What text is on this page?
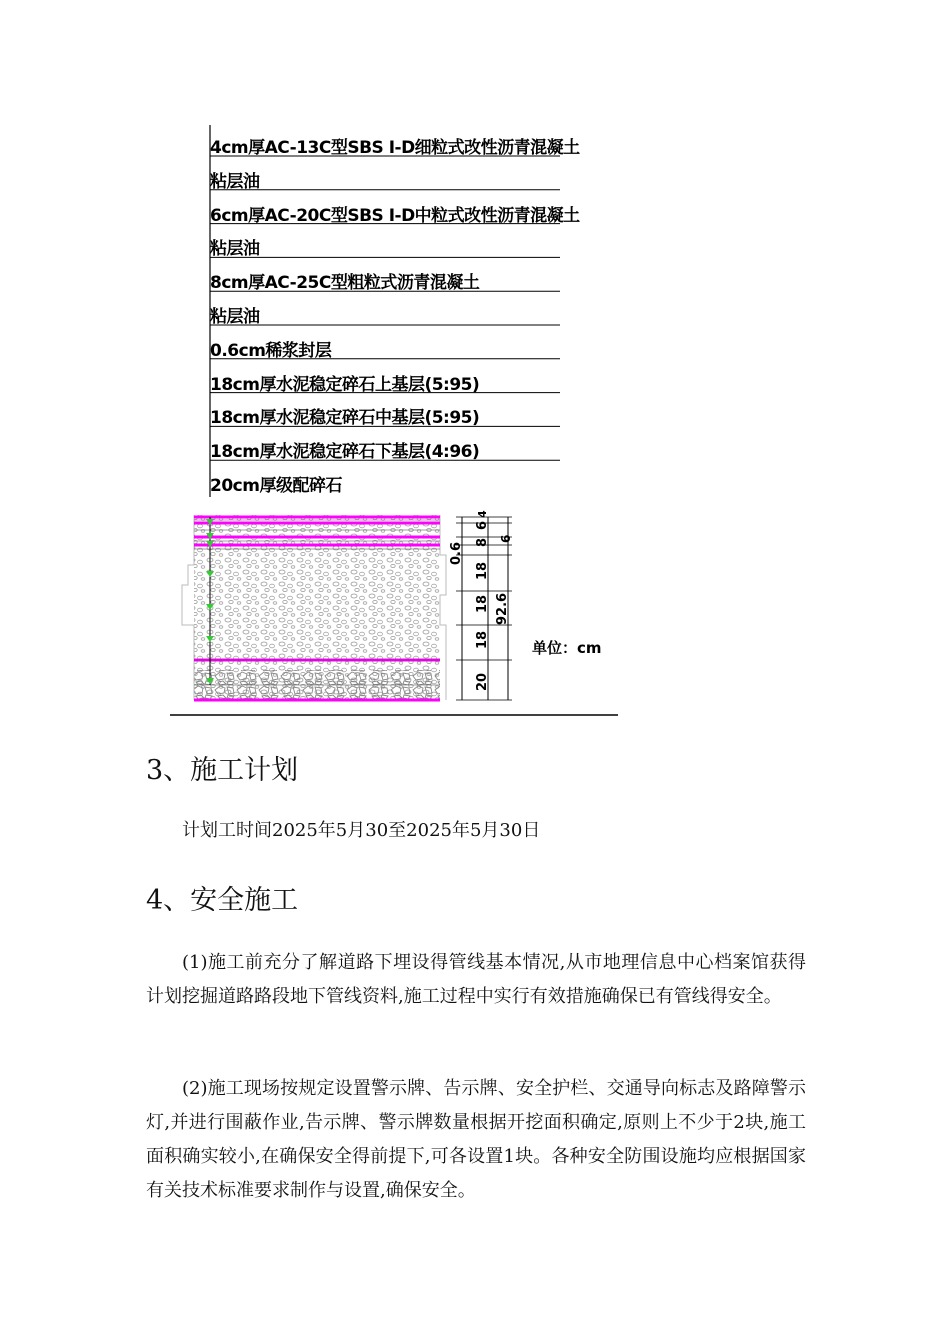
0.6 8
6
4
18
18
18
20
92.6
6
单位：cm
4cm厚AC-13C型SBS I-D细粒式改性沥青混凝土
粘层油
6cm厚AC-20C型SBS I-D中粒式改性沥青混凝土
粘层油
8cm厚AC-25C型粗粒式沥青混凝土
粘层油
0.6cm稀浆封层
18cm厚水泥稳定碎石上基层(5:95)
18cm厚水泥稳定碎石中基层(5:95)
18cm厚水泥稳定碎石下基层(4:96)
20cm厚级配碎石
3、施工计划

计划工时间2025年5月30至2025年5月30日

4、安全施工

(1)施工前充分了解道路下埋设得管线基本情况,从市地理信息中心档案馆获得计划挖掘道路路段地下管线资料,施工过程中实行有效措施确保已有管线得安全。

(2)施工现场按规定设置警示牌、告示牌、安全护栏、交通导向标志及路障警示灯,并进行围蔽作业,告示牌、警示牌数量根据开挖面积确定,原则上不少于2块,施工面积确实较小,在确保安全得前提下,可各设置1块。各种安全防围设施均应根据国家有关技术标准要求制作与设置,确保安全。
